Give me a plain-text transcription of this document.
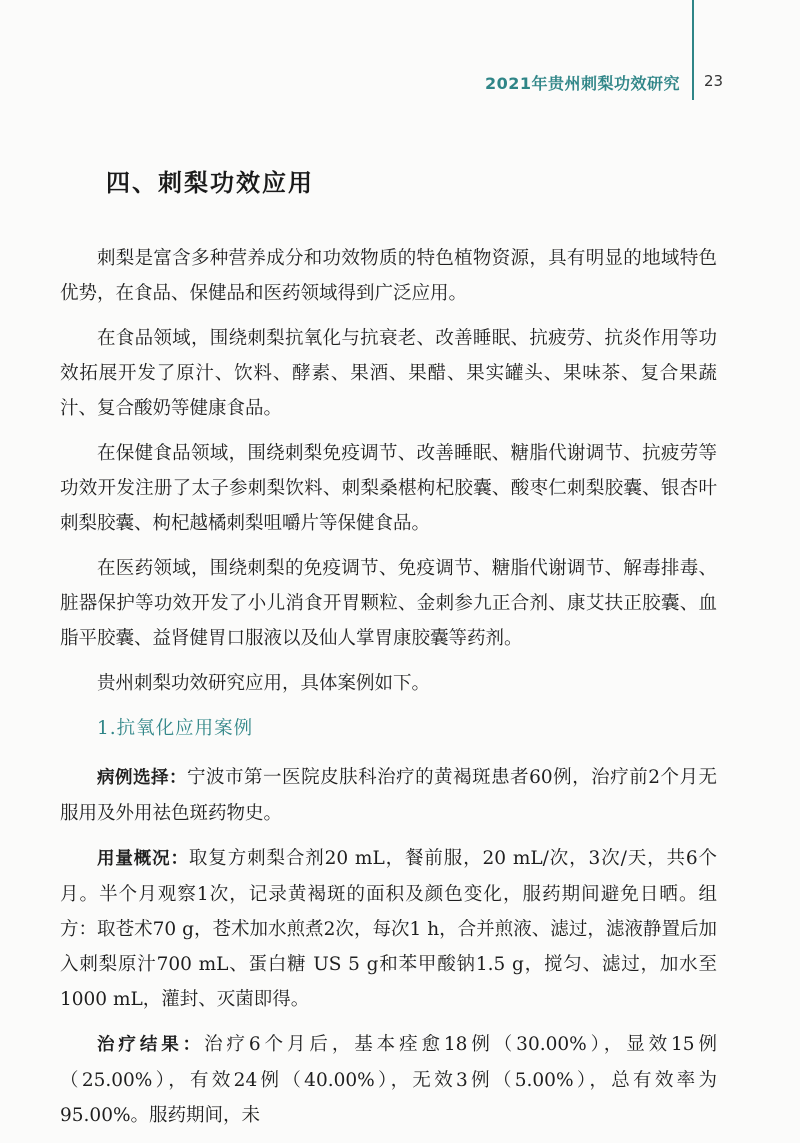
2021年贵州刺梨功效研究 23
四、刺梨功效应用

刺梨是富含多种营养成分和功效物质的特色植物资源，具有明显的地域特色优势，在食品、保健品和医药领域得到广泛应用。

在食品领域，围绕刺梨抗氧化与抗衰老、改善睡眠、抗疲劳、抗炎作用等功效拓展开发了原汁、饮料、酵素、果酒、果醋、果实罐头、果味茶、复合果蔬汁、复合酸奶等健康食品。

在保健食品领域，围绕刺梨免疫调节、改善睡眠、糖脂代谢调节、抗疲劳等功效开发注册了太子参刺梨饮料、刺梨桑椹枸杞胶囊、酸枣仁刺梨胶囊、银杏叶刺梨胶囊、枸杞越橘刺梨咀嚼片等保健食品。

在医药领域，围绕刺梨的免疫调节、免疫调节、糖脂代谢调节、解毒排毒、脏器保护等功效开发了小儿消食开胃颗粒、金刺参九正合剂、康艾扶正胶囊、血脂平胶囊、益肾健胃口服液以及仙人掌胃康胶囊等药剂。

贵州刺梨功效研究应用，具体案例如下。

1.抗氧化应用案例

病例选择：宁波市第一医院皮肤科治疗的黄褐斑患者60例，治疗前2个月无服用及外用祛色斑药物史。

用量概况：取复方刺梨合剂20 mL，餐前服，20 mL/次，3次/天，共6个月。半个月观察1次，记录黄褐斑的面积及颜色变化，服药期间避免日晒。组方：取苍术70 g，苍术加水煎煮2次，每次1 h，合并煎液、滤过，滤液静置后加入刺梨原汁700 mL、蛋白糖 US 5 g和苯甲酸钠1.5 g，搅匀、滤过，加水至1000 mL，灌封、灭菌即得。

治疗结果：治疗6个月后，基本痊愈18例（30.00%），显效15例（25.00%），有效24例（40.00%），无效3例（5.00%），总有效率为95.00%。服药期间，未
